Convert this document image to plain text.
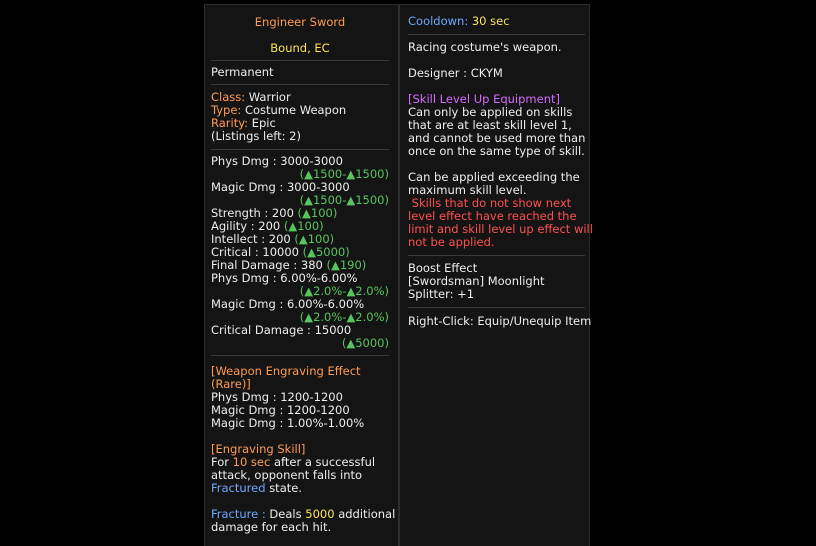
Engineer Sword
Bound, EC
Permanent
Class: Warrior
Type: Costume Weapon
Rarity: Epic
(Listings left: 2)
Phys Dmg : 3000-3000
(▲1500-▲1500)
Magic Dmg : 3000-3000
(▲1500-▲1500)
Strength : 200 (▲100)
Agility : 200 (▲100)
Intellect : 200 (▲100)
Critical : 10000 (▲5000)
Final Damage : 380 (▲190)
Phys Dmg : 6.00%-6.00%
(▲2.0%-▲2.0%)
Magic Dmg : 6.00%-6.00%
(▲2.0%-▲2.0%)
Critical Damage : 15000
(▲5000)
[Weapon Engraving Effect
(Rare)]
Phys Dmg : 1200-1200
Magic Dmg : 1200-1200
Magic Dmg : 1.00%-1.00%
[Engraving Skill]
For 10 sec after a successful
attack, opponent falls into
Fractured state.
Fracture : Deals 5000 additional
damage for each hit.
Cooldown: 30 sec
Racing costume's weapon.
Designer : CKYM
[Skill Level Up Equipment]
Can only be applied on skills
that are at least skill level 1,
and cannot be used more than
once on the same type of skill.
Can be applied exceeding the
maximum skill level.
Skills that do not show next
level effect have reached the
limit and skill level up effect will
not be applied.
Boost Effect
[Swordsman] Moonlight
Splitter: +1
Right-Click: Equip/Unequip Item
